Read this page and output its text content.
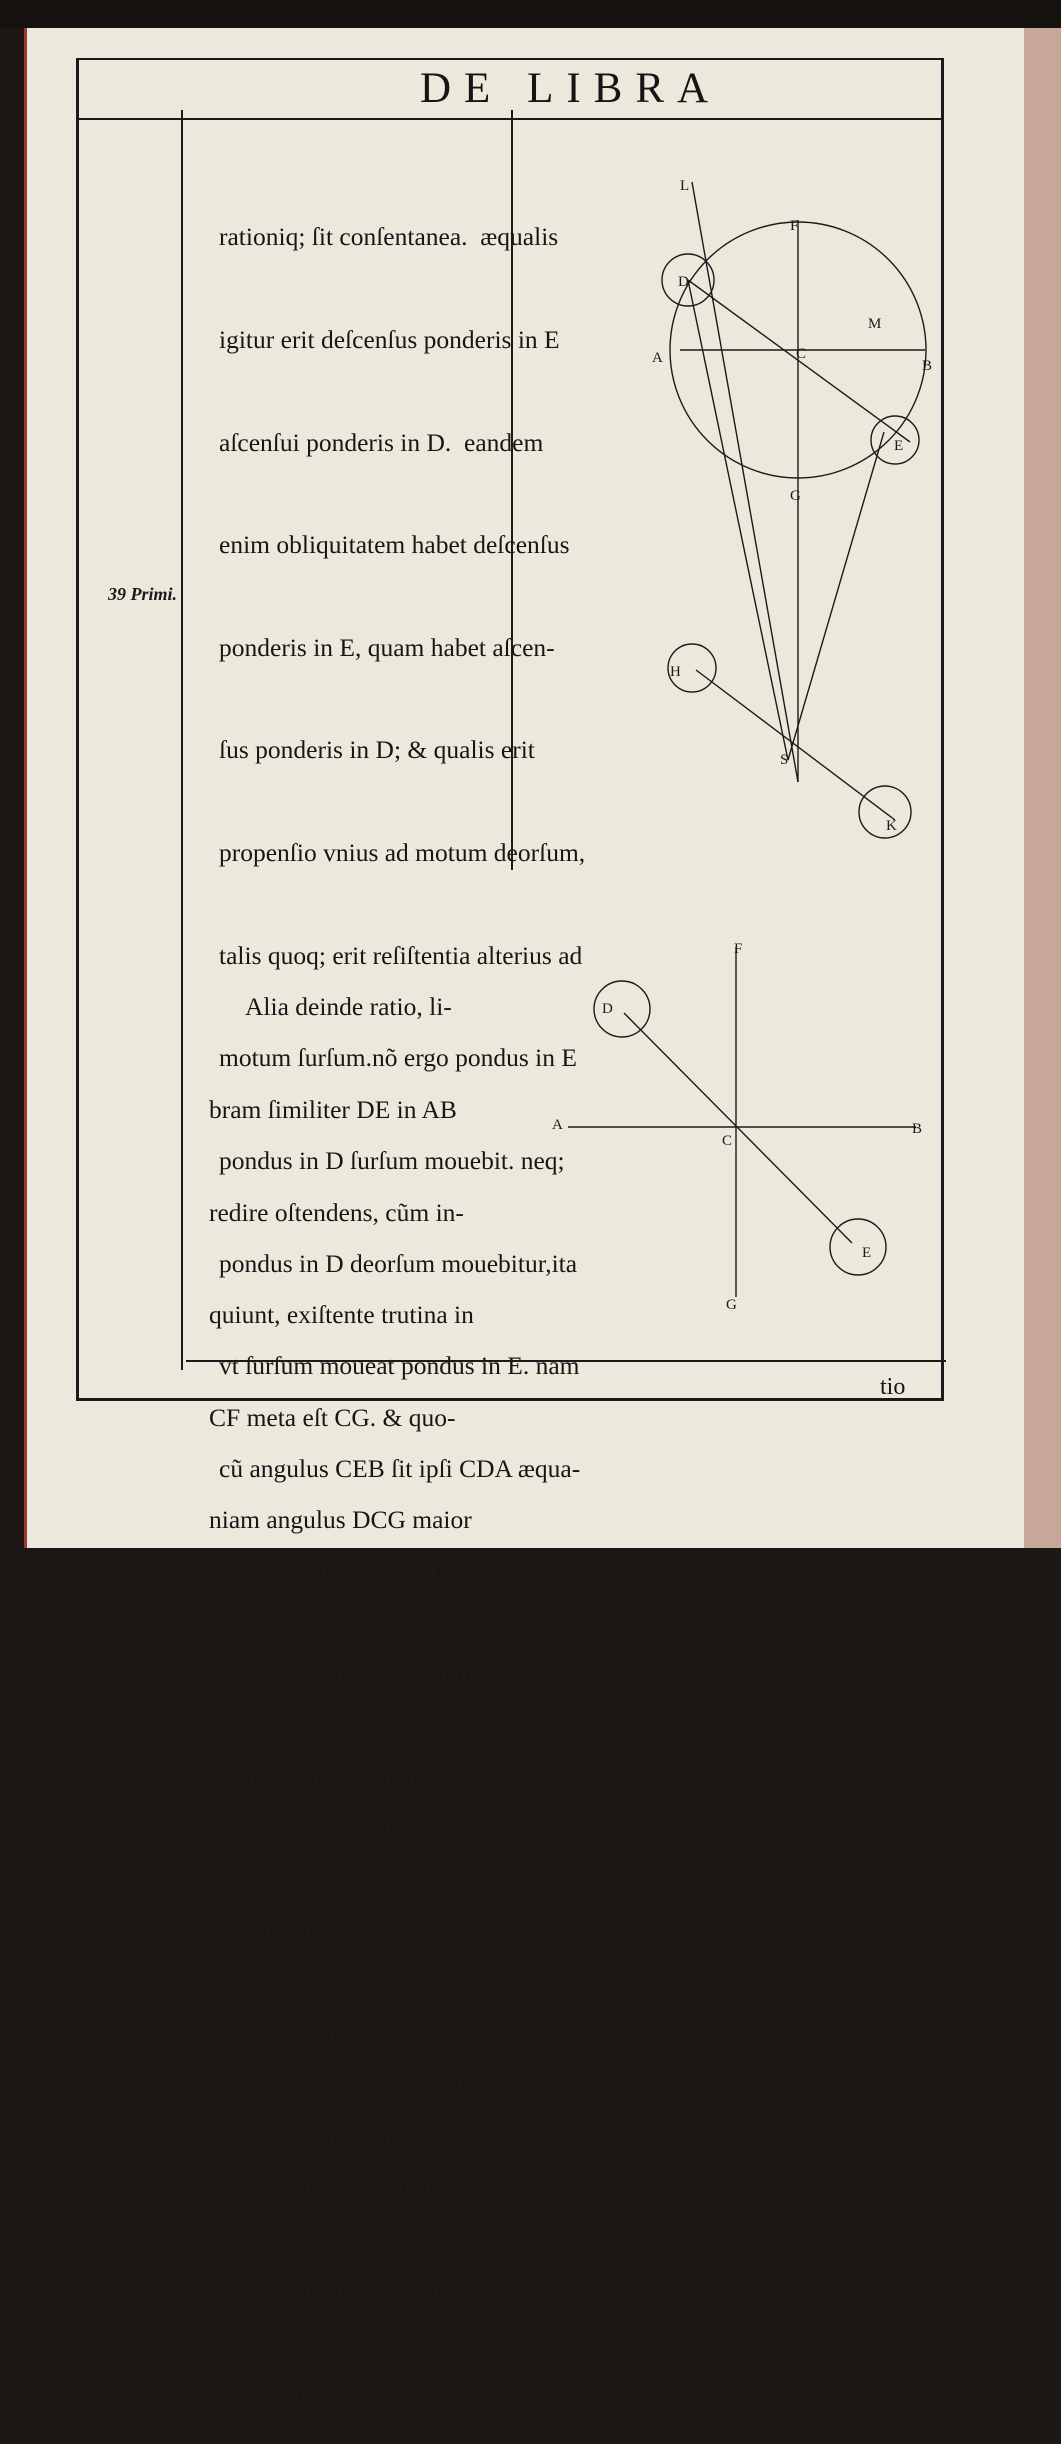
DE LIBRA
39 Primi.

rationiq; ſit conſentanea.  æqualis

igitur erit deſcenſus ponderis in E

aſcenſui ponderis in D.  eandem

enim obliquitatem habet deſcenſus

ponderis in E, quam habet aſcen-

ſus ponderis in D; & qualis erit

propenſio vnius ad motum deorſum,

talis quoq; erit reſiſtentia alterius ad

motum ſurſum.nõ ergo pondus in E

pondus in D ſurſum mouebit. neq;

pondus in D deorſum mouebitur,ita

vt ſurſum moueat pondus in E. nam

cũ angulus CEB ſit ipſi CDA æqua-

lis, & Angulus CEM ſit angulo

CDH æqualis; erit reliquus MEB

reliquo HDA æqualis. deſcenſus

igitur ponderis in D aſcenſui ponde

ris in E æqualis erit. non ergo pon

dus in D pondus in E ſurſum moue

bit. ex quibus ſequitur pondera in

DE, quatenus ſunt ſibi inuicem con

nexa,æquè grauia eſſe.

Alia deinde ratio, li-

bram ſimiliter DE in AB

redire oſtendens, cũm in-

quiunt, exiſtente trutina in

CF meta eſt CG. & quo-

niam angulus DCG maior

eſt angulo ECG; pondus

in D grauius erit pondere

in E; ergo libra DE in AB

redibit: nihil meo iudicio

concludit. figmentumq;

hoc de trutina,& meta po-

tius omittendum, ac ſilen-

L
F
D
M
A	C
B
E
G
H
S
K
F
D
A
C
B
E
G
tio
